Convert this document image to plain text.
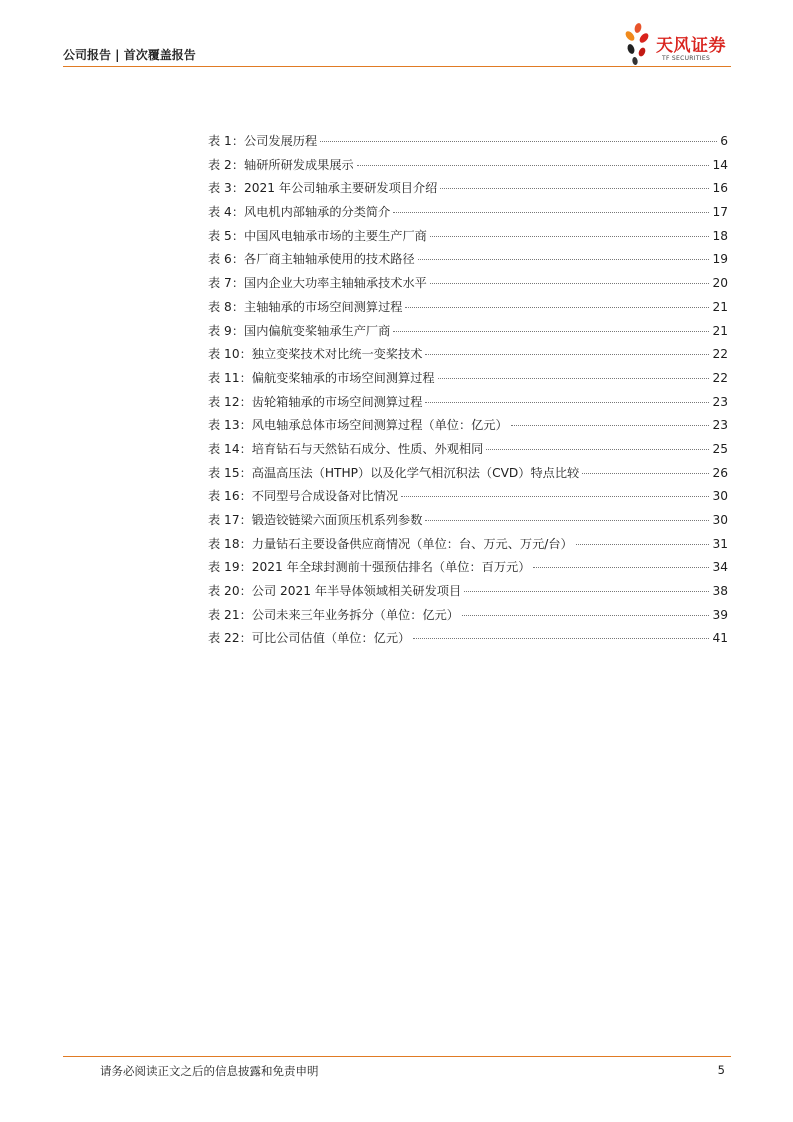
公司报告 | 首次覆盖报告	天风证券
TF SECURITIES
表 1：公司发展历程	6
表 2：轴研所研发成果展示	14
表 3：2021 年公司轴承主要研发项目介绍	16
表 4：风电机内部轴承的分类简介	17
表 5：中国风电轴承市场的主要生产厂商	18
表 6：各厂商主轴轴承使用的技术路径	19
表 7：国内企业大功率主轴轴承技术水平	20
表 8：主轴轴承的市场空间测算过程	21
表 9：国内偏航变桨轴承生产厂商	21
表 10：独立变桨技术对比统一变桨技术	22
表 11：偏航变桨轴承的市场空间测算过程	22
表 12：齿轮箱轴承的市场空间测算过程	23
表 13：风电轴承总体市场空间测算过程（单位：亿元）	23
表 14：培育钻石与天然钻石成分、性质、外观相同	25
表 15：高温高压法（HTHP）以及化学气相沉积法（CVD）特点比较	26
表 16：不同型号合成设备对比情况	30
表 17：锻造铰链梁六面顶压机系列参数	30
表 18：力量钻石主要设备供应商情况（单位：台、万元、万元/台）	31
表 19：2021 年全球封测前十强预估排名（单位：百万元）	34
表 20：公司 2021 年半导体领域相关研发项目	38
表 21：公司未来三年业务拆分（单位：亿元）	39
表 22：可比公司估值（单位：亿元）	41
请务必阅读正文之后的信息披露和免责申明	5
